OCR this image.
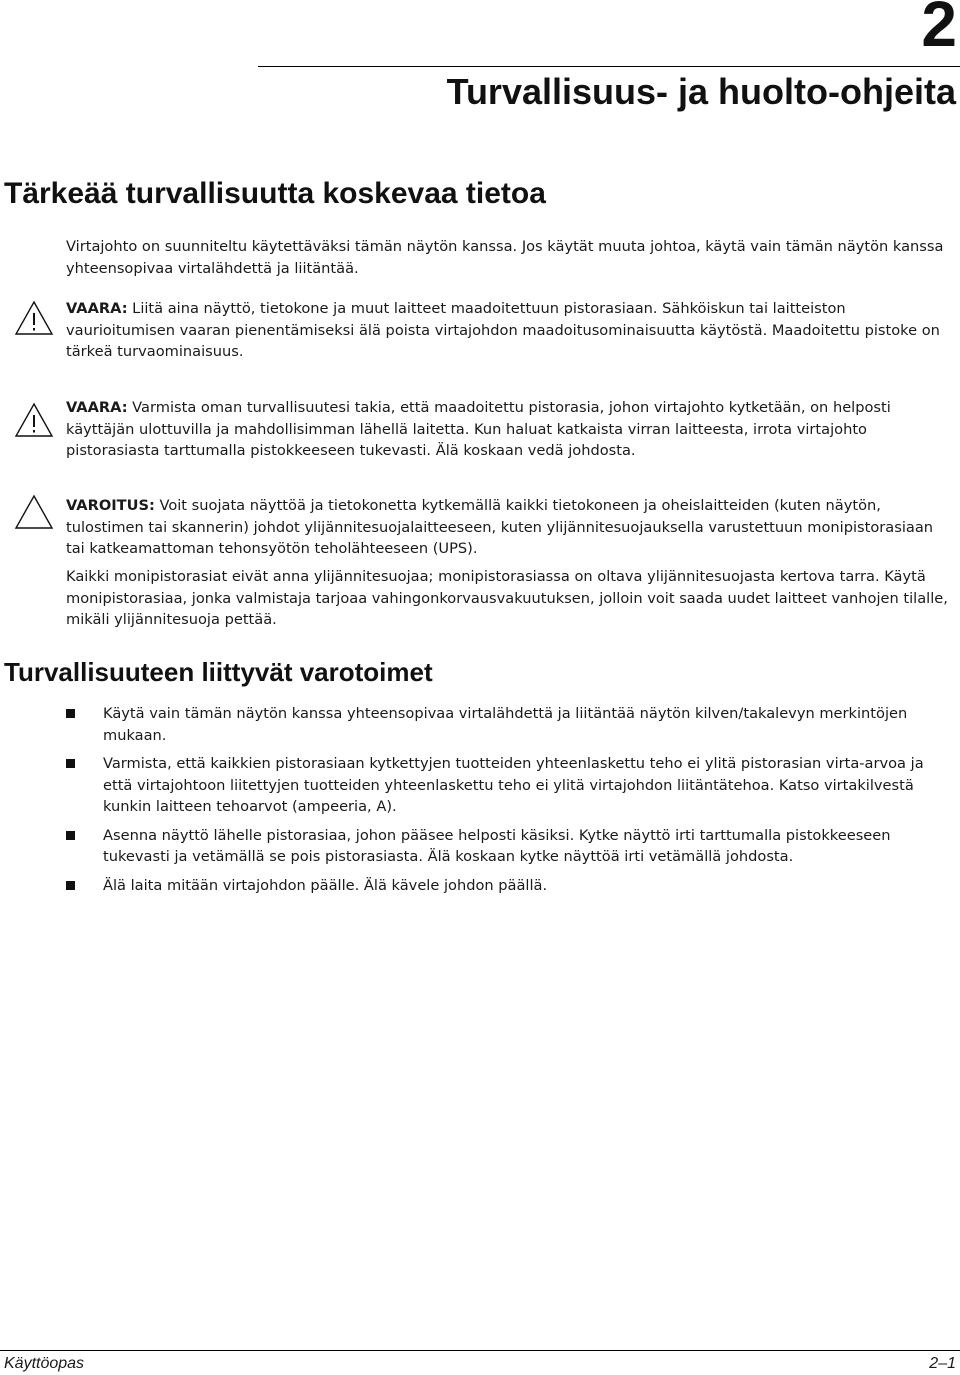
2
Turvallisuus- ja huolto-ohjeita
Tärkeää turvallisuutta koskevaa tietoa
Virtajohto on suunniteltu käytettäväksi tämän näytön kanssa. Jos käytät muuta johtoa, käytä vain tämän näytön kanssa yhteensopivaa virtalähdettä ja liitäntää.
VAARA: Liitä aina näyttö, tietokone ja muut laitteet maadoitettuun pistorasiaan. Sähköiskun tai laitteiston vaurioitumisen vaaran pienentämiseksi älä poista virtajohdon maadoitusominaisuutta käytöstä. Maadoitettu pistoke on tärkeä turvaominaisuus.
VAARA: Varmista oman turvallisuutesi takia, että maadoitettu pistorasia, johon virtajohto kytketään, on helposti käyttäjän ulottuvilla ja mahdollisimman lähellä laitetta. Kun haluat katkaista virran laitteesta, irrota virtajohto pistorasiasta tarttumalla pistokkeeseen tukevasti. Älä koskaan vedä johdosta.
VAROITUS: Voit suojata näyttöä ja tietokonetta kytkemällä kaikki tietokoneen ja oheislaitteiden (kuten näytön, tulostimen tai skannerin) johdot ylijännitesuojalaitteeseen, kuten ylijännitesuojauksella varustettuun monipistorasiaan tai katkeamattoman tehonsyötön teholähteeseen (UPS).
Kaikki monipistorasiat eivät anna ylijännitesuojaa; monipistorasiassa on oltava ylijännitesuojasta kertova tarra. Käytä monipistorasiaa, jonka valmistaja tarjoaa vahingonkorvausvakuutuksen, jolloin voit saada uudet laitteet vanhojen tilalle, mikäli ylijännitesuoja pettää.
Turvallisuuteen liittyvät varotoimet
Käytä vain tämän näytön kanssa yhteensopivaa virtalähdettä ja liitäntää näytön kilven/takalevyn merkintöjen mukaan.
Varmista, että kaikkien pistorasiaan kytkettyjen tuotteiden yhteenlaskettu teho ei ylitä pistorasian virta-arvoa ja että virtajohtoon liitettyjen tuotteiden yhteenlaskettu teho ei ylitä virtajohdon liitäntätehoa. Katso virtakilvestä kunkin laitteen tehoarvot (ampeeria, A).
Asenna näyttö lähelle pistorasiaa, johon pääsee helposti käsiksi. Kytke näyttö irti tarttumalla pistokkeeseen tukevasti ja vetämällä se pois pistorasiasta. Älä koskaan kytke näyttöä irti vetämällä johdosta.
Älä laita mitään virtajohdon päälle. Älä kävele johdon päällä.
Käyttöopas	2–1
